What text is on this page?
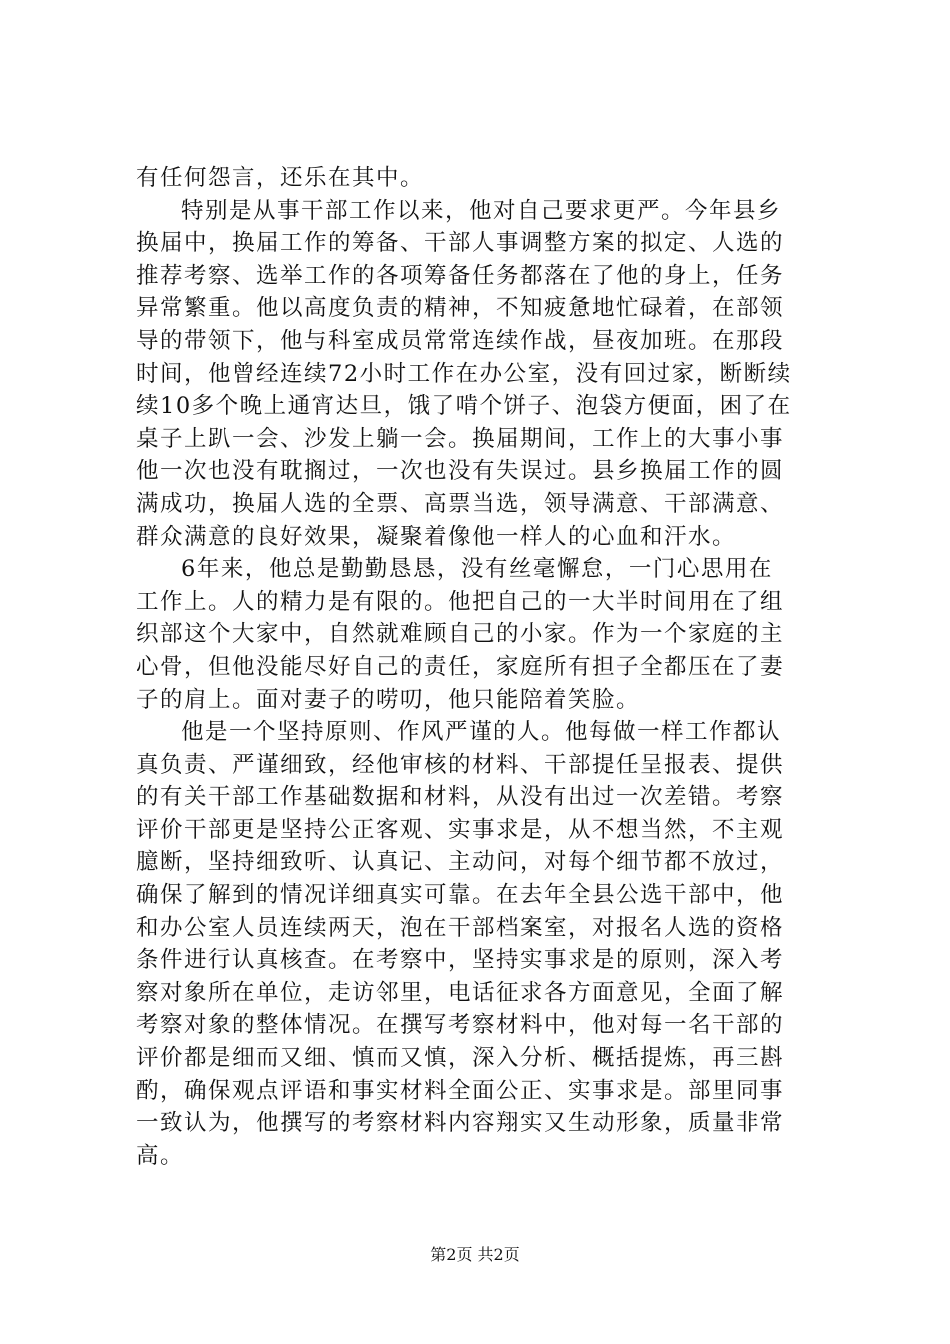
有任何怨言，还乐在其中。
特别是从事干部工作以来，他对自己要求更严。今年县乡
换届中，换届工作的筹备、干部人事调整方案的拟定、人选的
推荐考察、选举工作的各项筹备任务都落在了他的身上，任务
异常繁重。他以高度负责的精神，不知疲惫地忙碌着，在部领
导的带领下，他与科室成员常常连续作战，昼夜加班。在那段
时间，他曾经连续72小时工作在办公室，没有回过家，断断续
续10多个晚上通宵达旦，饿了啃个饼子、泡袋方便面，困了在
桌子上趴一会、沙发上躺一会。换届期间，工作上的大事小事
他一次也没有耽搁过，一次也没有失误过。县乡换届工作的圆
满成功，换届人选的全票、高票当选，领导满意、干部满意、
群众满意的良好效果，凝聚着像他一样人的心血和汗水。
6年来，他总是勤勤恳恳，没有丝毫懈怠，一门心思用在
工作上。人的精力是有限的。他把自己的一大半时间用在了组
织部这个大家中，自然就难顾自己的小家。作为一个家庭的主
心骨，但他没能尽好自己的责任，家庭所有担子全都压在了妻
子的肩上。面对妻子的唠叨，他只能陪着笑脸。
他是一个坚持原则、作风严谨的人。他每做一样工作都认
真负责、严谨细致，经他审核的材料、干部提任呈报表、提供
的有关干部工作基础数据和材料，从没有出过一次差错。考察
评价干部更是坚持公正客观、实事求是，从不想当然，不主观
臆断，坚持细致听、认真记、主动问，对每个细节都不放过，
确保了解到的情况详细真实可靠。在去年全县公选干部中，他
和办公室人员连续两天，泡在干部档案室，对报名人选的资格
条件进行认真核查。在考察中，坚持实事求是的原则，深入考
察对象所在单位，走访邻里，电话征求各方面意见，全面了解
考察对象的整体情况。在撰写考察材料中，他对每一名干部的
评价都是细而又细、慎而又慎，深入分析、概括提炼，再三斟
酌，确保观点评语和事实材料全面公正、实事求是。部里同事
一致认为，他撰写的考察材料内容翔实又生动形象，质量非常
高。
第2页 共2页
